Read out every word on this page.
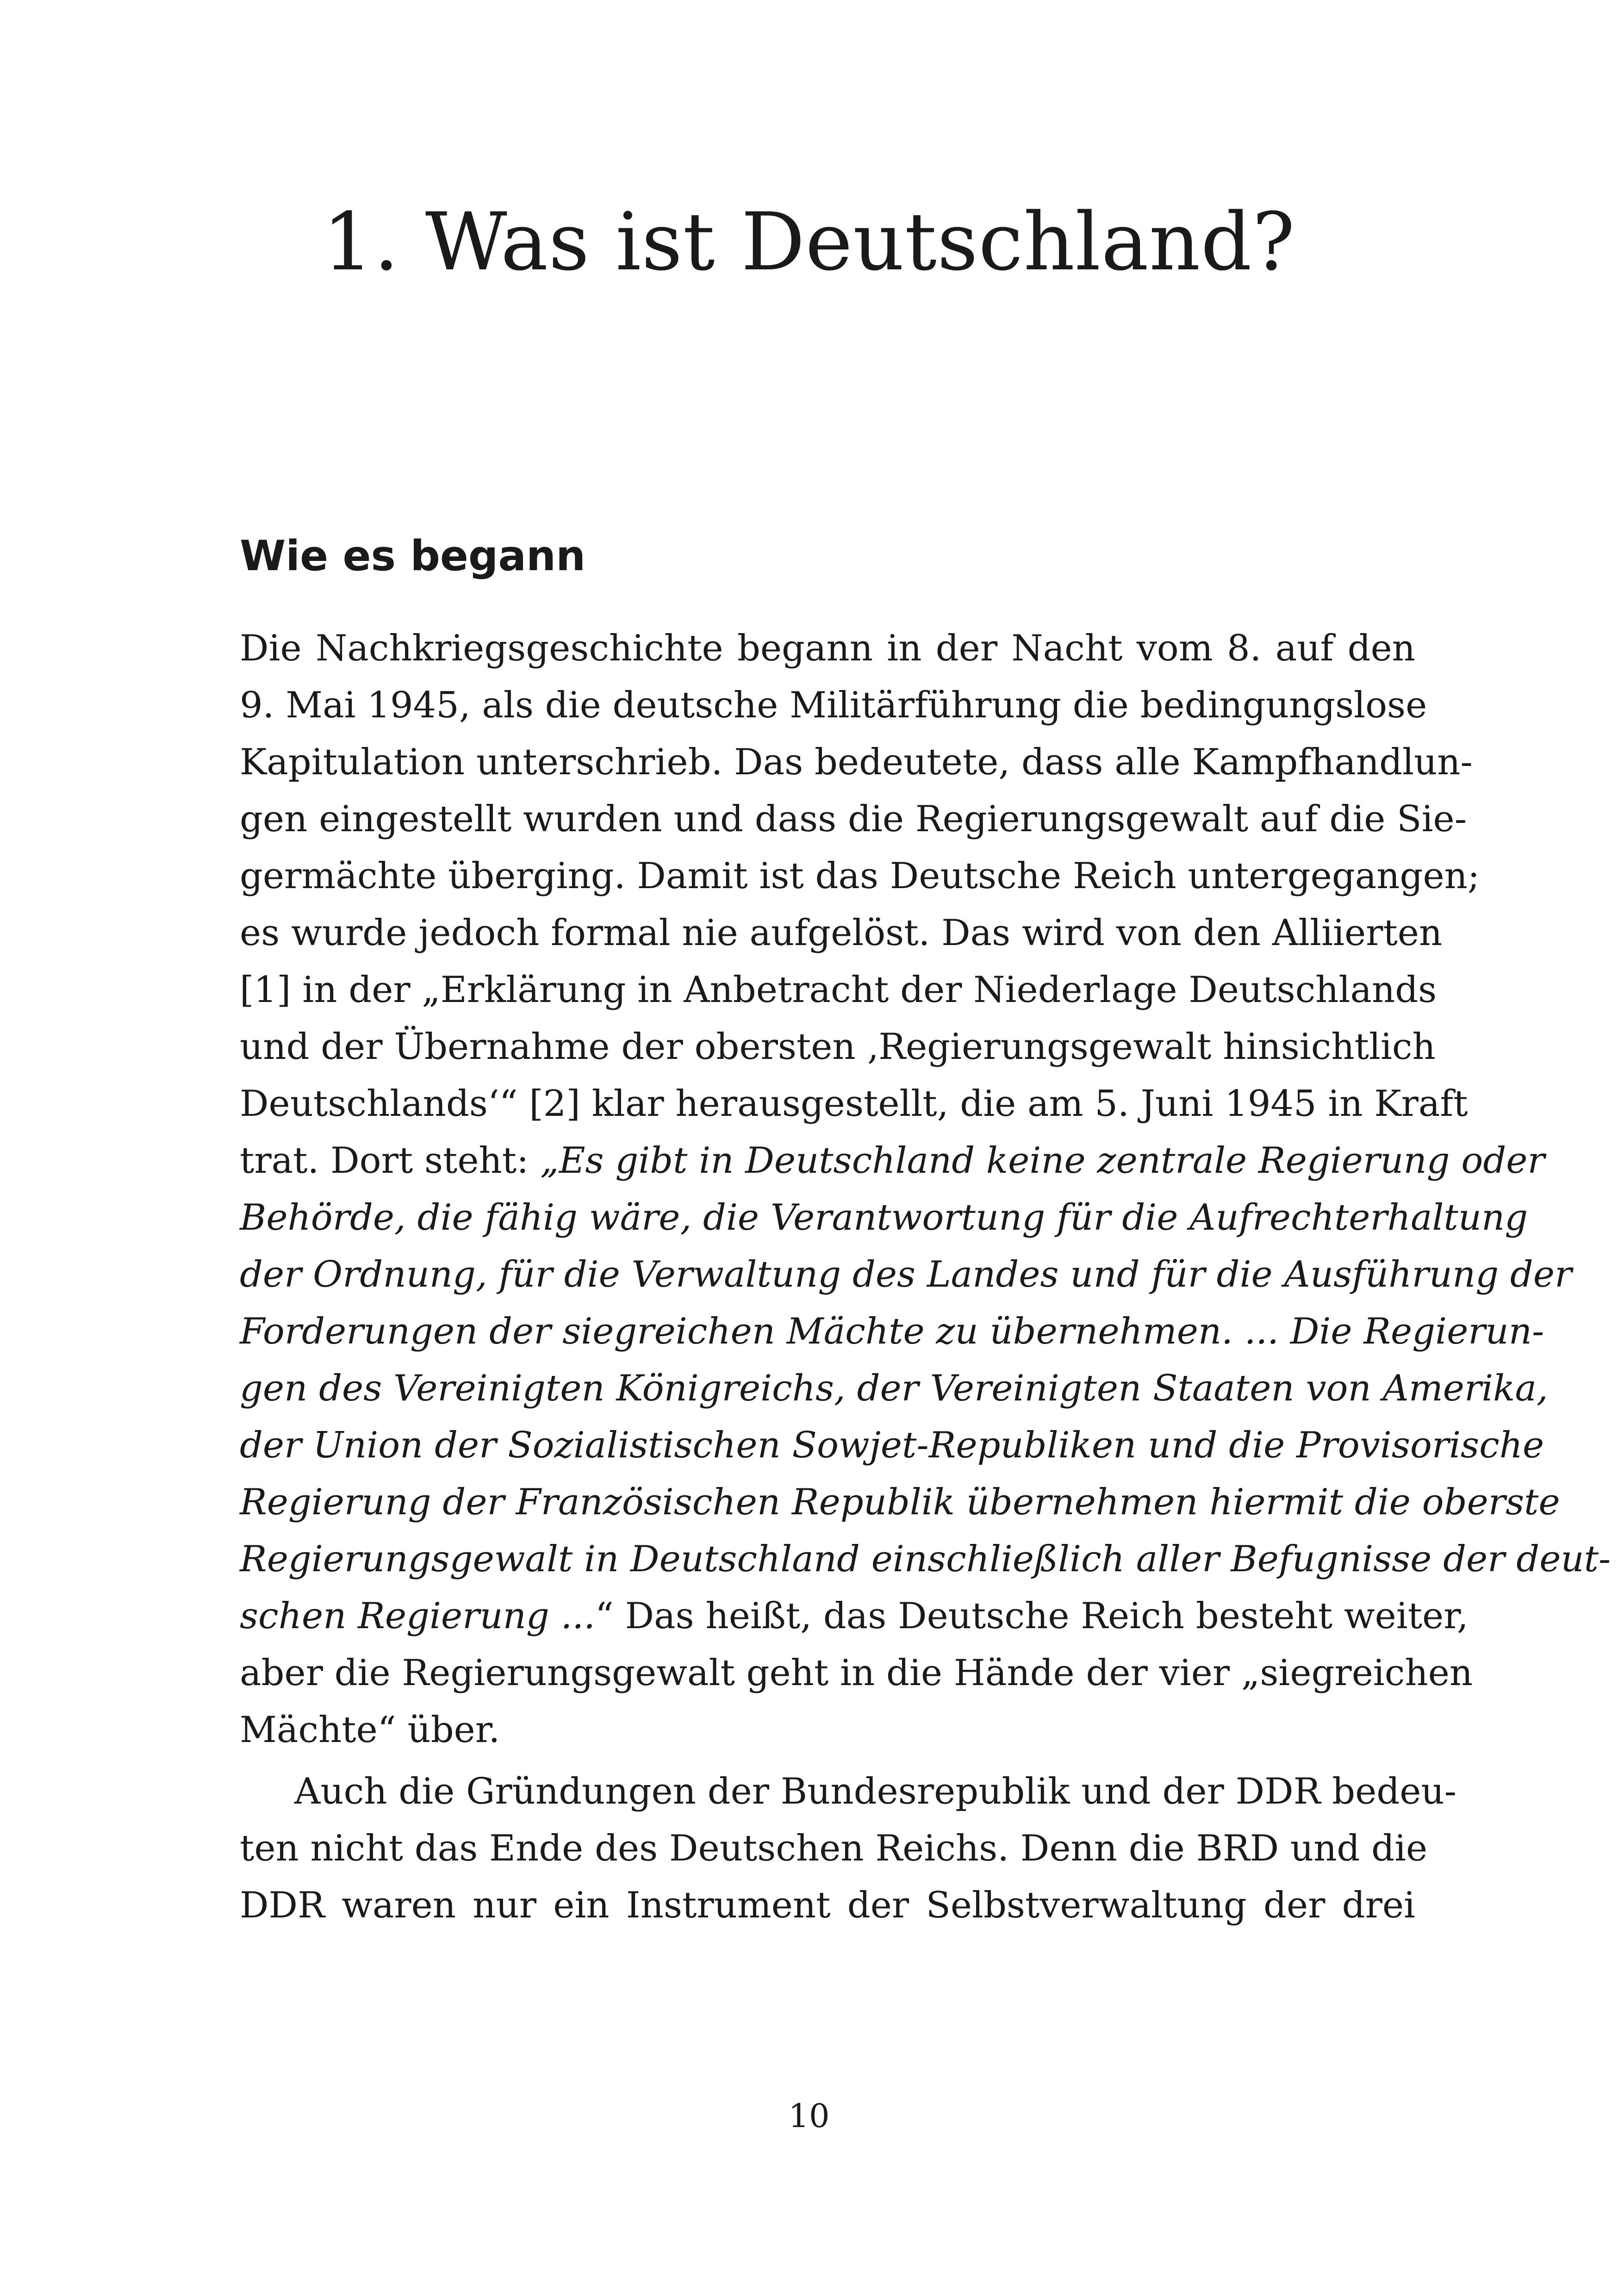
1. Was ist Deutschland?
Wie es begann
Die Nachkriegsgeschichte begann in der Nacht vom 8. auf den
9. Mai 1945, als die deutsche Militärführung die bedingungslose
Kapitulation unterschrieb. Das bedeutete, dass alle Kampfhandlun-
gen eingestellt wurden und dass die Regierungsgewalt auf die Sie-
germächte überging. Damit ist das Deutsche Reich untergegangen;
es wurde jedoch formal nie aufgelöst. Das wird von den Alliierten
[1] in der „Erklärung in Anbetracht der Niederlage Deutschlands
und der Übernahme der obersten ‚Regierungsgewalt hinsichtlich
Deutschlands‘“ [2] klar herausgestellt, die am 5. Juni 1945 in Kraft
trat. Dort steht: „Es gibt in Deutschland keine zentrale Regierung oder
Behörde, die fähig wäre, die Verantwortung für die Aufrechterhaltung
der Ordnung, für die Verwaltung des Landes und für die Ausführung der
Forderungen der siegreichen Mächte zu übernehmen. ... Die Regierun-
gen des Vereinigten Königreichs, der Vereinigten Staaten von Amerika,
der Union der Sozialistischen Sowjet-Republiken und die Provisorische
Regierung der Französischen Republik übernehmen hiermit die oberste
Regierungsgewalt in Deutschland einschließlich aller Befugnisse der deut-
schen Regierung ...“ Das heißt, das Deutsche Reich besteht weiter,
aber die Regierungsgewalt geht in die Hände der vier „siegreichen
Mächte“ über.
Auch die Gründungen der Bundesrepublik und der DDR bedeu-
ten nicht das Ende des Deutschen Reichs. Denn die BRD und die
DDR waren nur ein Instrument der Selbstverwaltung der drei
10
